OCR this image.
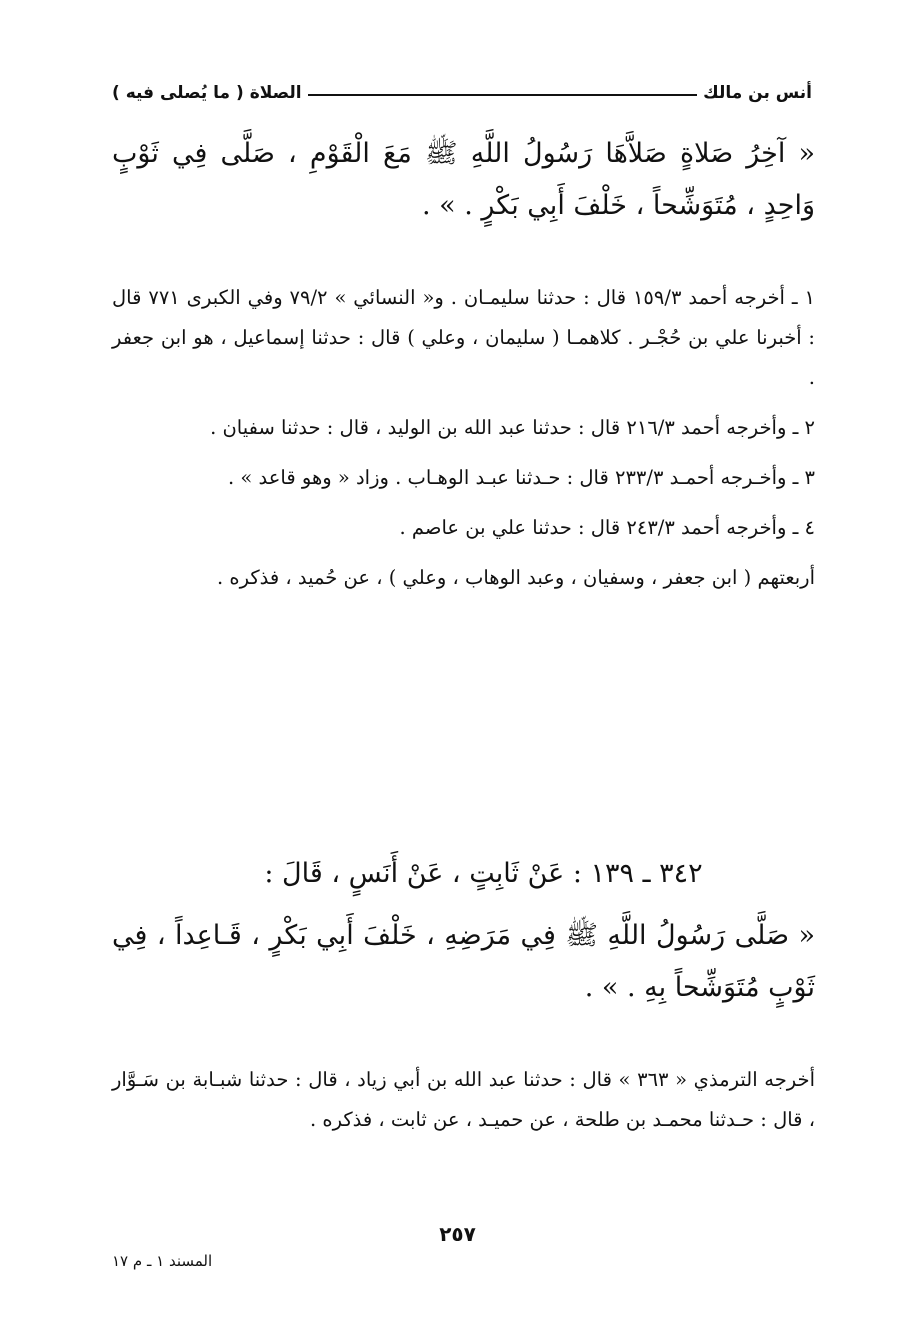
أنس بن مالك
الصلاة ( ما يُصلى فيه )
« آخِرُ صَلاةٍ صَلاَّهَا رَسُولُ اللَّهِ ﷺ مَعَ الْقَوْمِ ، صَلَّى فِي ثَوْبٍ وَاحِدٍ ، مُتَوَشِّحاً ، خَلْفَ أَبِي بَكْرٍ . » .

١ ـ أخرجه أحمد ١٥٩/٣ قال : حدثنا سليمـان . و« النسائي » ٧٩/٢ وفي الكبرى ٧٧١ قال : أخبرنا علي بن حُجْـر . كلاهمـا ( سليمان ، وعلي ) قال : حدثنا إسماعيل ، هو ابن جعفر .

٢ ـ وأخرجه أحمد ٢١٦/٣ قال : حدثنا عبد الله بن الوليد ، قال : حدثنا سفيان .

٣ ـ وأخـرجه أحمـد ٢٣٣/٣ قال : حـدثنا عبـد الوهـاب . وزاد « وهو قاعد » .

٤ ـ وأخرجه أحمد ٢٤٣/٣ قال : حدثنا علي بن عاصم .

أربعتهم ( ابن جعفر ، وسفيان ، وعبد الوهاب ، وعلي ) ، عن حُميد ، فذكره .

٣٤٢ ـ ١٣٩ : عَنْ ثَابِتٍ ، عَنْ أَنَسٍ ، قَالَ :
« صَلَّى رَسُولُ اللَّهِ ﷺ فِي مَرَضِهِ ، خَلْفَ أَبِي بَكْرٍ ، قَـاعِداً ، فِي ثَوْبٍ مُتَوَشِّحاً بِهِ . » .

أخرجه الترمذي « ٣٦٣ » قال : حدثنا عبد الله بن أبي زياد ، قال : حدثنا شبـابة بن سَـوَّار ، قال : حـدثنا محمـد بن طلحة ، عن حميـد ، عن ثابت ، فذكره .

٢٥٧
المسند ١ ـ م ١٧
